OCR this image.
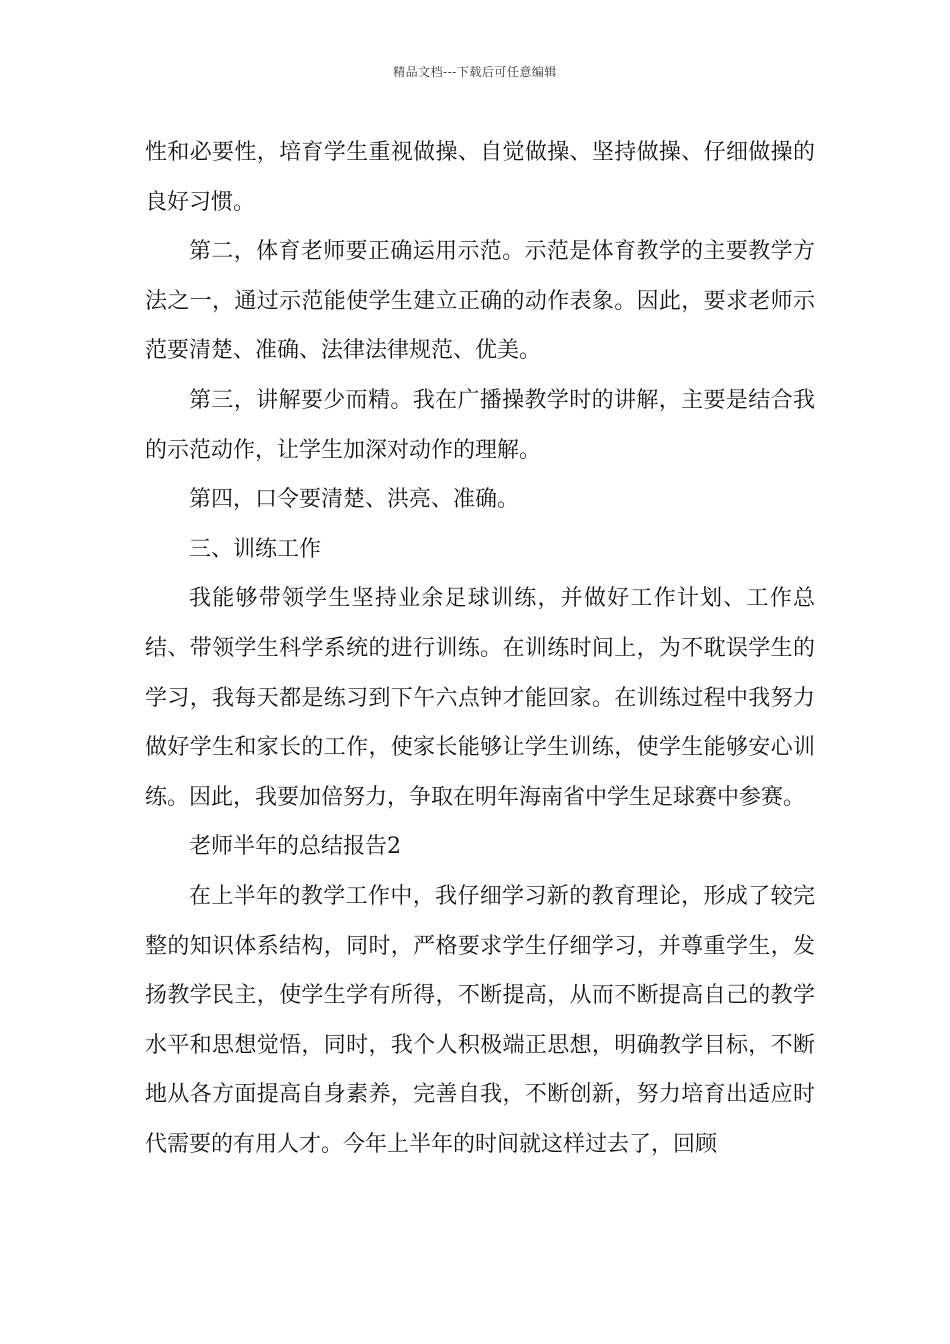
精品文档---下载后可任意编辑

性和必要性，培育学生重视做操、自觉做操、坚持做操、仔细做操的良好习惯。

第二，体育老师要正确运用示范。示范是体育教学的主要教学方法之一，通过示范能使学生建立正确的动作表象。因此，要求老师示范要清楚、准确、法律法律规范、优美。

第三，讲解要少而精。我在广播操教学时的讲解，主要是结合我的示范动作，让学生加深对动作的理解。

第四，口令要清楚、洪亮、准确。

三、训练工作

我能够带领学生坚持业余足球训练，并做好工作计划、工作总结、带领学生科学系统的进行训练。在训练时间上，为不耽误学生的学习，我每天都是练习到下午六点钟才能回家。在训练过程中我努力做好学生和家长的工作，使家长能够让学生训练，使学生能够安心训练。因此，我要加倍努力，争取在明年海南省中学生足球赛中参赛。

老师半年的总结报告2

在上半年的教学工作中，我仔细学习新的教育理论，形成了较完整的知识体系结构，同时，严格要求学生仔细学习，并尊重学生，发扬教学民主，使学生学有所得，不断提高，从而不断提高自己的教学水平和思想觉悟，同时，我个人积极端正思想，明确教学目标，不断地从各方面提高自身素养，完善自我，不断创新，努力培育出适应时代需要的有用人才。今年上半年的时间就这样过去了，回顾
